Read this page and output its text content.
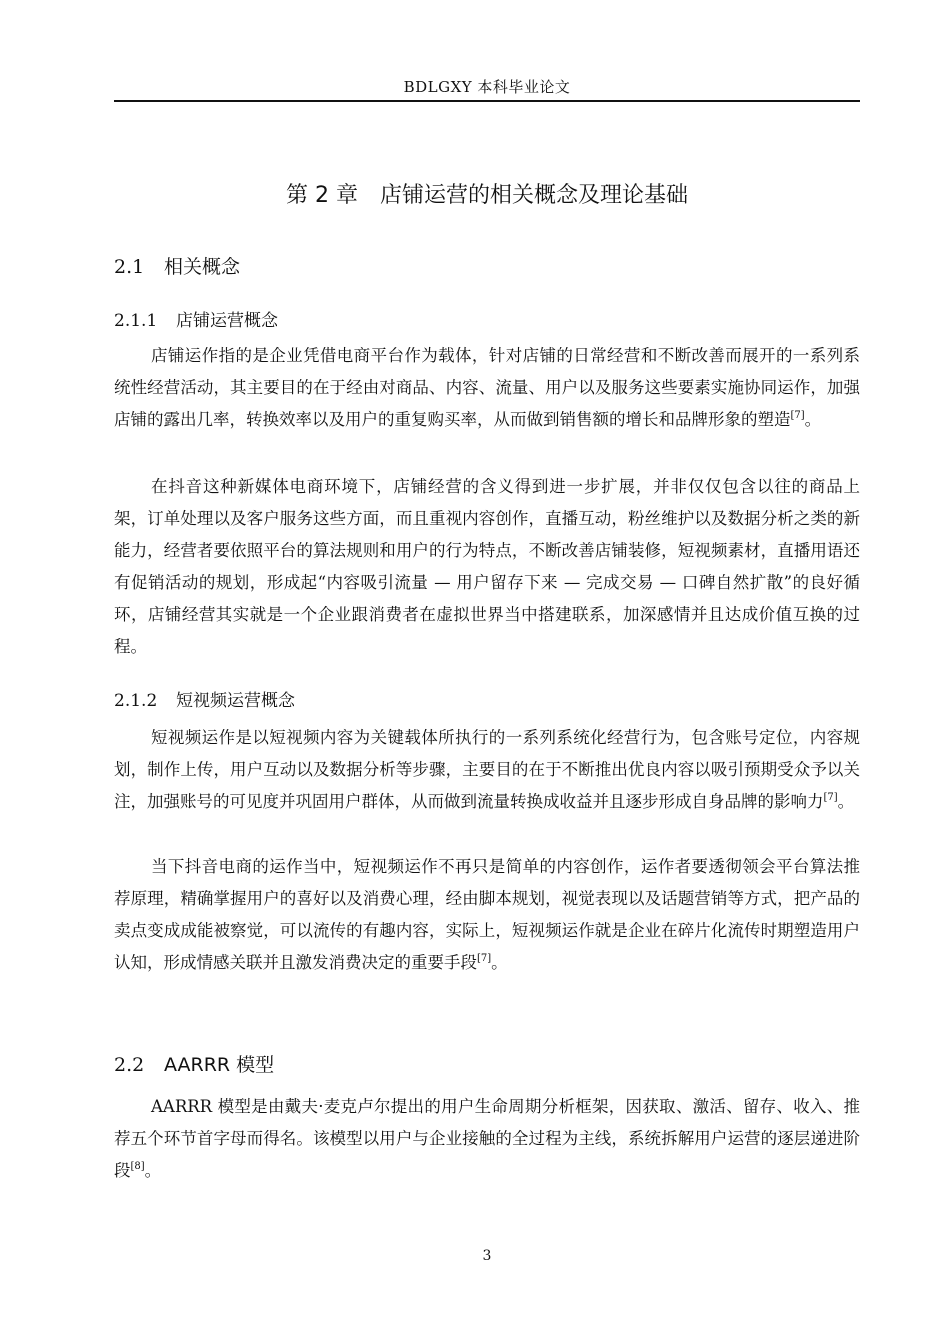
BDLGXY 本科毕业论文
第 2 章 店铺运营的相关概念及理论基础
2.1 相关概念
2.1.1 店铺运营概念

店铺运作指的是企业凭借电商平台作为载体，针对店铺的日常经营和不断改善而展开的一系列系统性经营活动，其主要目的在于经由对商品、内容、流量、用户以及服务这些要素实施协同运作，加强店铺的露出几率，转换效率以及用户的重复购买率，从而做到销售额的增长和品牌形象的塑造[7]。

在抖音这种新媒体电商环境下，店铺经营的含义得到进一步扩展，并非仅仅包含以往的商品上架，订单处理以及客户服务这些方面，而且重视内容创作，直播互动，粉丝维护以及数据分析之类的新能力，经营者要依照平台的算法规则和用户的行为特点，不断改善店铺装修，短视频素材，直播用语还有促销活动的规划，形成起“内容吸引流量 — 用户留存下来 — 完成交易 — 口碑自然扩散”的良好循环，店铺经营其实就是一个企业跟消费者在虚拟世界当中搭建联系，加深感情并且达成价值互换的过程。

2.1.2 短视频运营概念

短视频运作是以短视频内容为关键载体所执行的一系列系统化经营行为，包含账号定位，内容规划，制作上传，用户互动以及数据分析等步骤，主要目的在于不断推出优良内容以吸引预期受众予以关注，加强账号的可见度并巩固用户群体，从而做到流量转换成收益并且逐步形成自身品牌的影响力[7]。

当下抖音电商的运作当中，短视频运作不再只是简单的内容创作，运作者要透彻领会平台算法推荐原理，精确掌握用户的喜好以及消费心理，经由脚本规划，视觉表现以及话题营销等方式，把产品的卖点变成成能被察觉，可以流传的有趣内容，实际上，短视频运作就是企业在碎片化流传时期塑造用户认知，形成情感关联并且激发消费决定的重要手段[7]。

2.2 AARRR 模型

AARRR 模型是由戴夫·麦克卢尔提出的用户生命周期分析框架，因获取、激活、留存、收入、推荐五个环节首字母而得名。该模型以用户与企业接触的全过程为主线，系统拆解用户运营的逐层递进阶段[8]。

3
